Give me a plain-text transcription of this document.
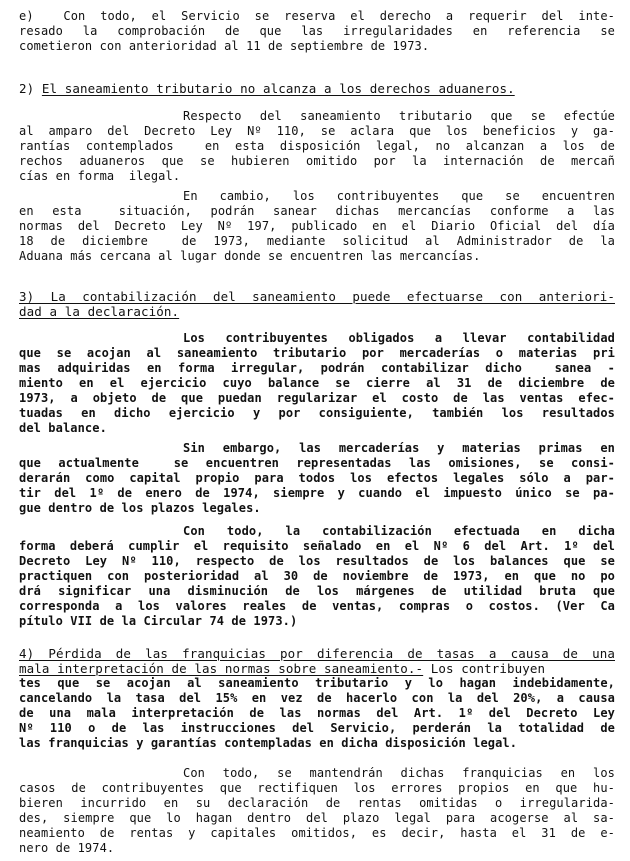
e)  Con todo, el Servicio se reserva el derecho a requerir del inte-
resado la comprobación de que las irregularidades en referencia se
cometieron con anterioridad al 11 de septiembre de 1973.
2) El saneamiento tributario no alcanza a los derechos aduaneros.
Respecto del saneamiento tributario que se efectúe
al amparo del Decreto Ley Nº 110, se aclara que los beneficios y ga-
rantías contemplados  en esta disposición legal, no alcanzan a los de
rechos aduaneros que se hubieren omitido por la internación de mercañ
cías en forma  ilegal.
En cambio, los contribuyentes que se encuentren
en esta  situación, podrán sanear dichas mercancías conforme a las
normas del Decreto Ley Nº 197, publicado en el Diario Oficial del día
18 de diciembre  de 1973, mediante solicitud al Administrador de la
Aduana más cercana al lugar donde se encuentren las mercancías.
3) La contabilización del saneamiento puede efectuarse con anteriori-
dad a la declaración.
Los contribuyentes obligados a llevar contabilidad
que se acojan al saneamiento tributario por mercaderías o materias pri
mas adquiridas en forma irregular, podrán contabilizar dicho  sanea -
miento en el ejercicio cuyo balance se cierre al 31 de diciembre de
1973, a objeto de que puedan regularizar el costo de las ventas efec-
tuadas en dicho ejercicio y por consiguiente, también los resultados
del balance.
Sin embargo, las mercaderías y materias primas en
que actualmente  se encuentren representadas las omisiones, se consi-
derarán como capital propio para todos los efectos legales sólo a par-
tir del 1º de enero de 1974, siempre y cuando el impuesto único se pa-
gue dentro de los plazos legales.
Con todo, la contabilización efectuada en dicha
forma deberá cumplir el requisito señalado en el Nº 6 del Art. 1º del
Decreto Ley Nº 110, respecto de los resultados de los balances que se
practiquen con posterioridad al 30 de noviembre de 1973, en que no po
drá significar una disminución de los márgenes de utilidad bruta que
corresponda a los valores reales de ventas, compras o costos. (Ver Ca
pítulo VII de la Circular 74 de 1973.)
4) Pérdida de las franquicias por diferencia de tasas a causa de una
mala interpretación de las normas sobre saneamiento.- Los contribuyen
tes que se acojan al saneamiento tributario y lo hagan indebidamente,
cancelando la tasa del 15% en vez de hacerlo con la del 20%, a causa
de una mala interpretación de las normas del Art. 1º del Decreto Ley
Nº 110 o de las instrucciones del Servicio, perderán la totalidad de
las franquicias y garantías contempladas en dicha disposición legal.
Con todo, se mantendrán dichas franquicias en los
casos de contribuyentes que rectifiquen los errores propios en que hu-
bieren incurrido en su declaración de rentas omitidas o irregularida-
des, siempre que lo hagan dentro del plazo legal para acogerse al sa-
neamiento de rentas y capitales omitidos, es decir, hasta el 31 de e-
nero de 1974.
